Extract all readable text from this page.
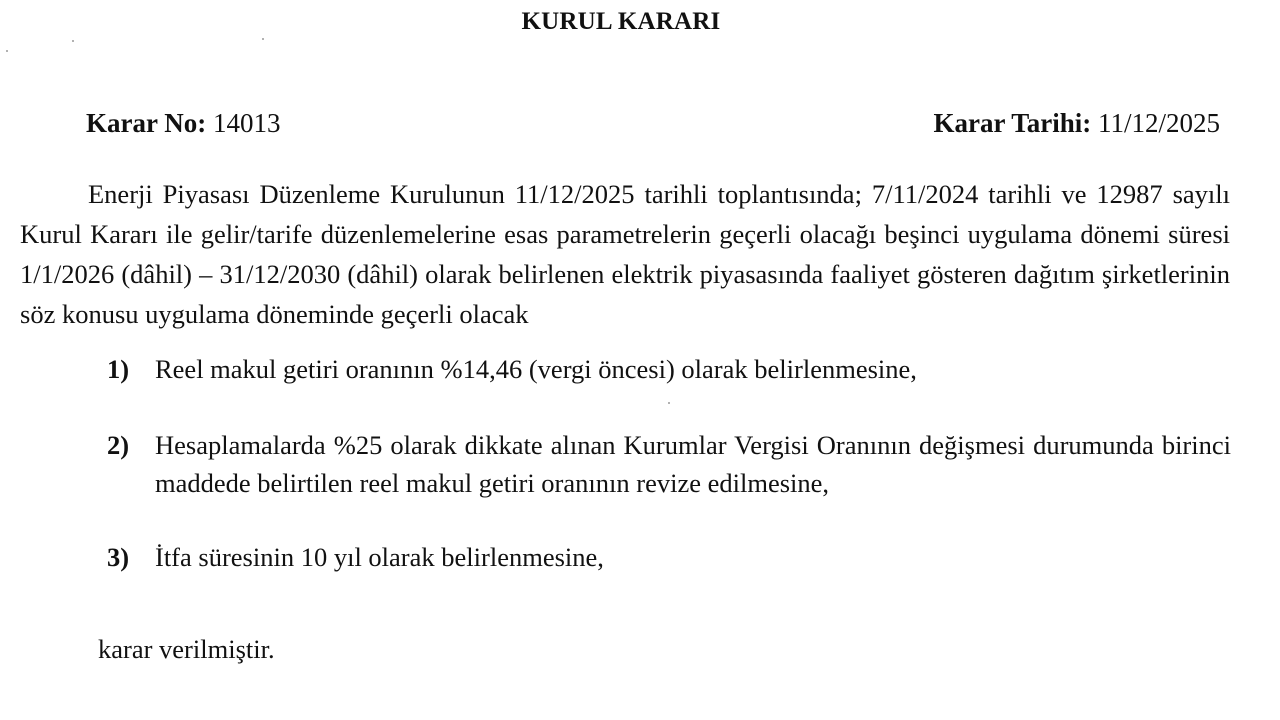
KURUL KARARI
Karar No: 14013	Karar Tarihi: 11/12/2025

Enerji Piyasası Düzenleme Kurulunun 11/12/2025 tarihli toplantısında; 7/11/2024 tarihli ve 12987 sayılı Kurul Kararı ile gelir/tarife düzenlemelerine esas parametrelerin geçerli olacağı beşinci uygulama dönemi süresi 1/1/2026 (dâhil) – 31/12/2030 (dâhil) olarak belirlenen elektrik piyasasında faaliyet gösteren dağıtım şirketlerinin söz konusu uygulama döneminde geçerli olacak

1) Reel makul getiri oranının %14,46 (vergi öncesi) olarak belirlenmesine,
2) Hesaplamalarda %25 olarak dikkate alınan Kurumlar Vergisi Oranının değişmesi durumunda birinci maddede belirtilen reel makul getiri oranının revize edilmesine,
3) İtfa süresinin 10 yıl olarak belirlenmesine,
karar verilmiştir.
